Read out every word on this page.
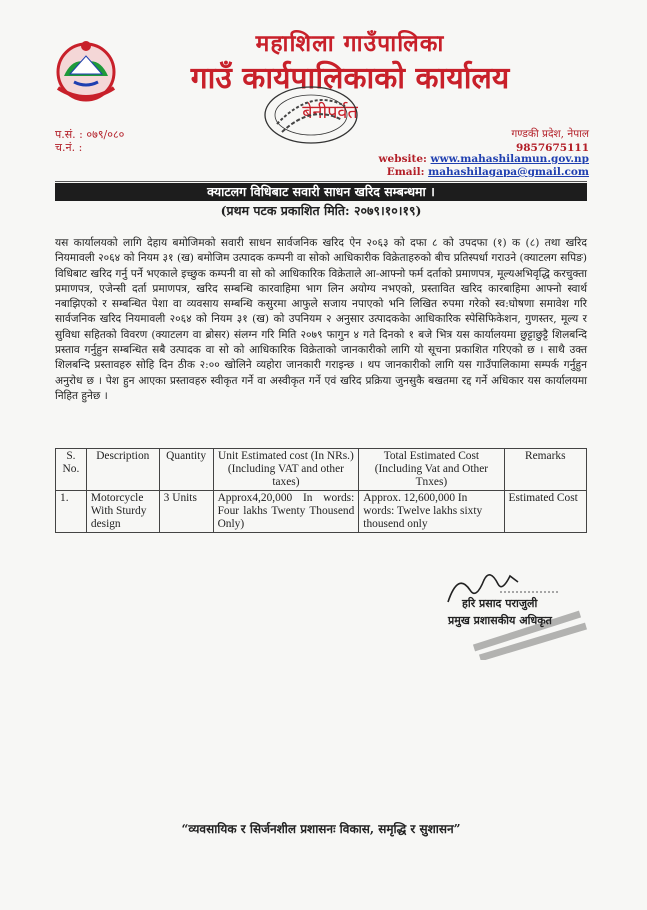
महाशिला गाउँपालिका
गाउँ कार्यपालिकाको कार्यालय
बेनीपर्वत
प.सं. : ०७९/०८०
च.नं. :
गण्डकी प्रदेश, नेपाल
9857675111
website: www.mahashilamun.gov.np
Email: mahashilagapa@gmail.com
क्याटलग विधिबाट सवारी साधन खरिद सम्बन्धमा ।
(प्रथम पटक प्रकाशित मिति: २०७९।१०।१९)
यस कार्यालयको लागि देहाय बमोजिमको सवारी साधन सार्वजनिक खरिद ऐन २०६३ को दफा ८ को उपदफा (१) क (८) तथा खरिद नियमावली २०६४ को नियम ३१ (ख) बमोजिम उत्पादक कम्पनी वा सोको आधिकारीक विक्रेताहरुको बीच प्रतिस्पर्धा गराउने (क्याटलग सपिङ) विधिबाट खरिद गर्नु पर्ने भएकाले इच्छुक कम्पनी वा सो को आधिकारिक विक्रेताले आ-आफ्नो फर्म दर्ताको प्रमाणपत्र, मूल्यअभिवृद्धि करचुक्ता प्रमाणपत्र, एजेन्सी दर्ता प्रमाणपत्र, खरिद सम्बन्धि कारवाहिमा भाग लिन अयोग्य नभएको, प्रस्तावित खरिद कारबाहिमा आफ्नो स्वार्थ नबाझिएको र सम्बन्धित पेशा वा व्यवसाय सम्बन्धि कसुरमा आफुले सजाय नपाएको भनि लिखित रुपमा गरेको स्व:घोषणा समावेश गरि सार्वजनिक खरिद नियमावली २०६४ को नियम ३१ (ख) को उपनियम २ अनुसार उत्पादककेा आधिकारिक स्पेसिफिकेशन, गुणस्तर, मूल्य र सुविधा सहितको विवरण (क्याटलग वा ब्रोसर) संलग्न गरि मिति २०७९ फागुन ४ गते दिनको १ बजे भित्र यस कार्यालयमा छुट्टाछुट्टै शिलबन्दि प्रस्ताव गर्नुहुन सम्बन्धित सबै उत्पादक वा सो को आधिकारिक विक्रेताको जानकारीको लागि यो सूचना प्रकाशित गरिएको छ । साथै उक्त शिलबन्दि प्रस्तावहरु सोहि दिन ठीक २:०० खोलिने व्यहोरा जानकारी गराइन्छ । थप जानकारीको लागि यस गाउँपालिकामा सम्पर्क गर्नुहुन अनुरोध छ । पेश हुन आएका प्रस्तावहरु स्वीकृत गर्ने वा अस्वीकृत गर्ने एवं खरिद प्रक्रिया जुनसुकै बखतमा रद्द गर्ने अधिकार यस कार्यालयमा निहित हुनेछ ।
S. No.	Description	Quantity	Unit Estimated cost (In NRs.) (Including VAT and other taxes)	Total Estimated Cost (Including Vat and Other Tnxes)	Remarks
1.	Motorcycle With Sturdy design	3 Units	Approx4,20,000 In words: Four lakhs Twenty Thousend Only)	Approx. 12,600,000 In words: Twelve lakhs sixty thousend only	Estimated Cost
हरि प्रसाद पराजुली
प्रमुख प्रशासकीय अधिकृत
“व्यवसायिक र सिर्जनशील प्रशासनः विकास, समृद्धि र सुशासन”
